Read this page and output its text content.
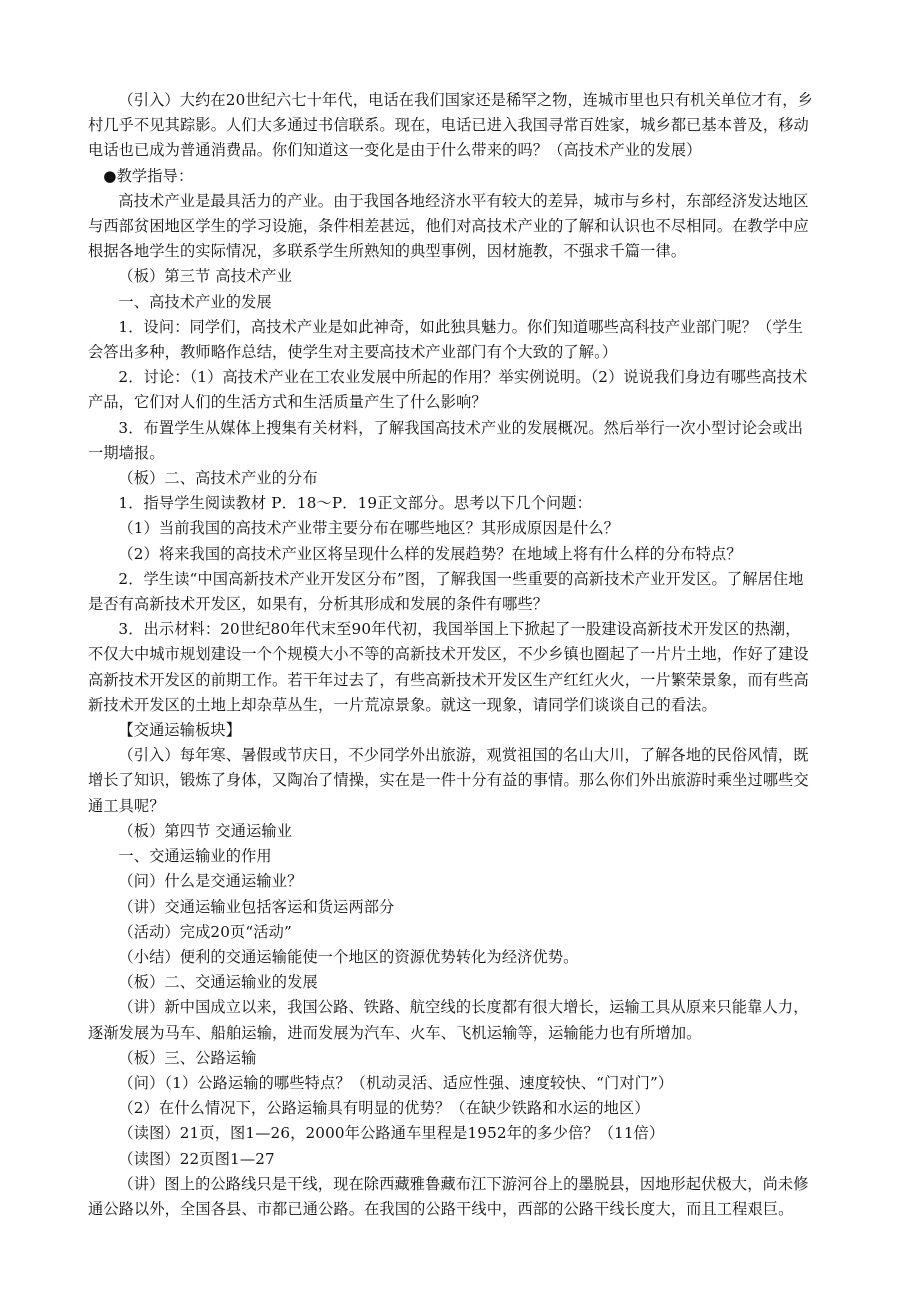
（引入）大约在20世纪六七十年代，电话在我们国家还是稀罕之物，连城市里也只有机关单位才有，乡村几乎不见其踪影。人们大多通过书信联系。现在，电话已进入我国寻常百姓家，城乡都已基本普及，移动电话也已成为普通消费品。你们知道这一变化是由于什么带来的吗？（高技术产业的发展）

●教学指导：

高技术产业是最具活力的产业。由于我国各地经济水平有较大的差异，城市与乡村，东部经济发达地区与西部贫困地区学生的学习设施，条件相差甚远，他们对高技术产业的了解和认识也不尽相同。在教学中应根据各地学生的实际情况，多联系学生所熟知的典型事例，因材施教，不强求千篇一律。

（板）第三节 高技术产业

一、高技术产业的发展

1．设问：同学们，高技术产业是如此神奇，如此独具魅力。你们知道哪些高科技产业部门呢？（学生会答出多种，教师略作总结，使学生对主要高技术产业部门有个大致的了解。）

2．讨论：（1）高技术产业在工农业发展中所起的作用？举实例说明。（2）说说我们身边有哪些高技术产品，它们对人们的生活方式和生活质量产生了什么影响？

3．布置学生从媒体上搜集有关材料，了解我国高技术产业的发展概况。然后举行一次小型讨论会或出一期墙报。

（板）二、高技术产业的分布

1．指导学生阅读教材 P．18～P．19正文部分。思考以下几个问题：

（1）当前我国的高技术产业带主要分布在哪些地区？其形成原因是什么？

（2）将来我国的高技术产业区将呈现什么样的发展趋势？在地域上将有什么样的分布特点？

2．学生读“中国高新技术产业开发区分布”图，了解我国一些重要的高新技术产业开发区。了解居住地是否有高新技术开发区，如果有，分析其形成和发展的条件有哪些？

3．出示材料：20世纪80年代末至90年代初，我国举国上下掀起了一股建设高新技术开发区的热潮，不仅大中城市规划建设一个个规模大小不等的高新技术开发区，不少乡镇也圈起了一片片土地，作好了建设高新技术开发区的前期工作。若干年过去了，有些高新技术开发区生产红红火火，一片繁荣景象，而有些高新技术开发区的土地上却杂草丛生，一片荒凉景象。就这一现象，请同学们谈谈自己的看法。

【交通运输板块】

（引入）每年寒、暑假或节庆日，不少同学外出旅游，观赏祖国的名山大川，了解各地的民俗风情，既增长了知识，锻炼了身体，又陶冶了情操，实在是一件十分有益的事情。那么你们外出旅游时乘坐过哪些交通工具呢？

（板）第四节 交通运输业

一、交通运输业的作用

（问）什么是交通运输业？

（讲）交通运输业包括客运和货运两部分

（活动）完成20页“活动”

（小结）便利的交通运输能使一个地区的资源优势转化为经济优势。

（板）二、交通运输业的发展

（讲）新中国成立以来，我国公路、铁路、航空线的长度都有很大增长，运输工具从原来只能靠人力，逐渐发展为马车、船舶运输，进而发展为汽车、火车、飞机运输等，运输能力也有所增加。

（板）三、公路运输

（问）（1）公路运输的哪些特点？（机动灵活、适应性强、速度较快、“门对门”）

（2）在什么情况下，公路运输具有明显的优势？（在缺少铁路和水运的地区）

（读图）21页，图1—26，2000年公路通车里程是1952年的多少倍？（11倍）

（读图）22页图1—27

（讲）图上的公路线只是干线，现在除西藏雅鲁藏布江下游河谷上的墨脱县，因地形起伏极大，尚未修通公路以外，全国各县、市都已通公路。在我国的公路干线中，西部的公路干线长度大，而且工程艰巨。
